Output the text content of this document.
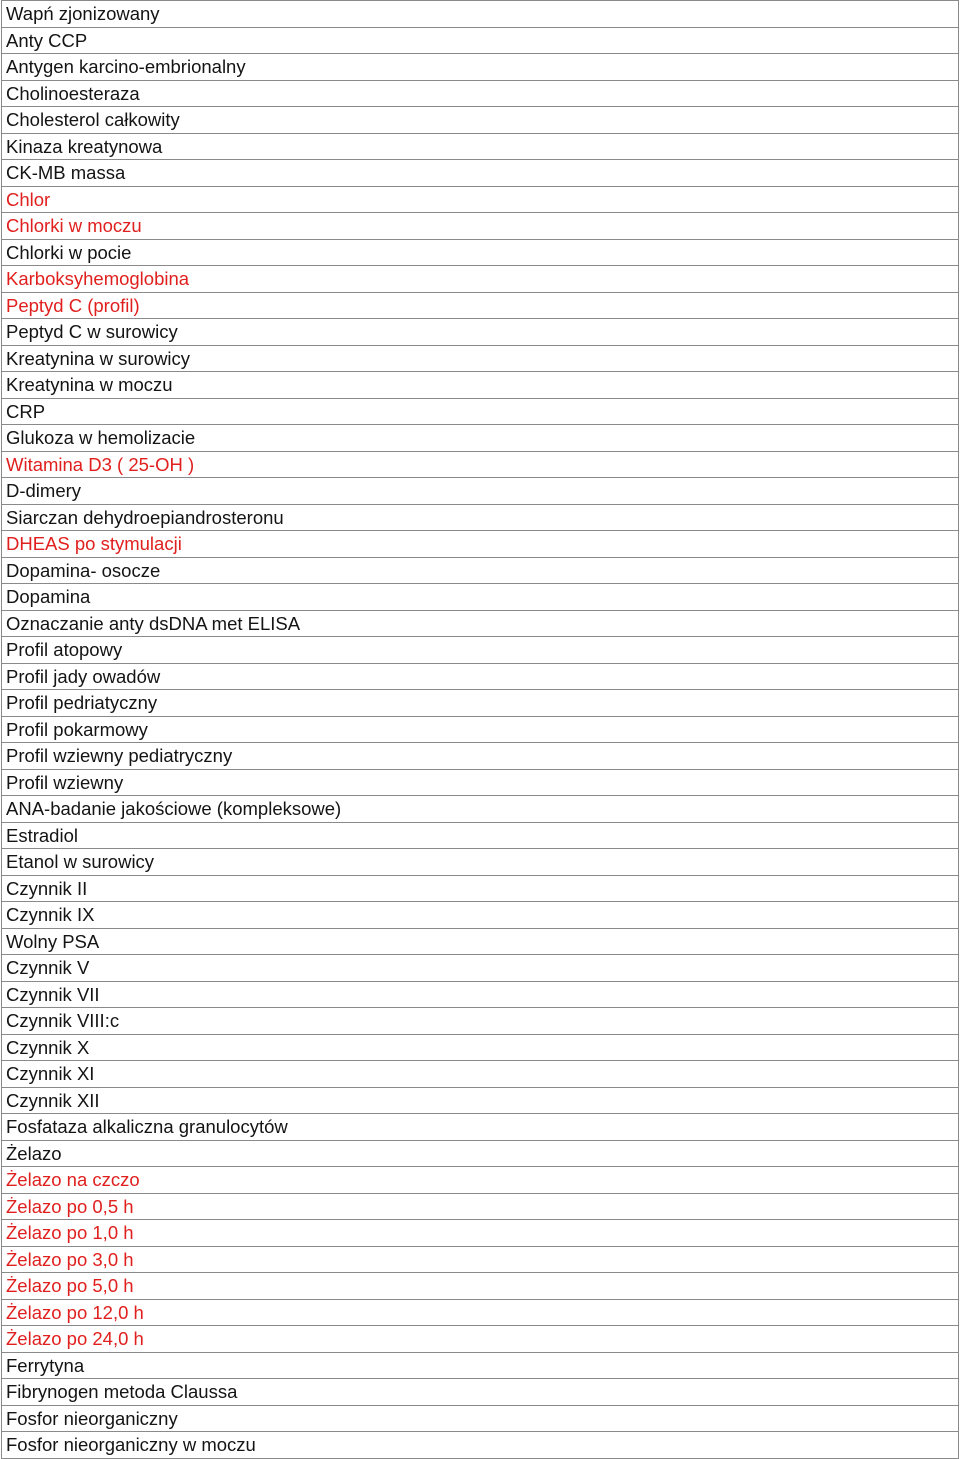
Wapń zjonizowany
Anty CCP
Antygen karcino-embrionalny
Cholinoesteraza
Cholesterol całkowity
Kinaza kreatynowa
CK-MB massa
Chlor
Chlorki w moczu
Chlorki w pocie
Karboksyhemoglobina
Peptyd C (profil)
Peptyd C w surowicy
Kreatynina w surowicy
Kreatynina w moczu
CRP
Glukoza w hemolizacie
Witamina D3 ( 25-OH )
D-dimery
Siarczan dehydroepiandrosteronu
DHEAS po stymulacji
Dopamina- osocze
Dopamina
Oznaczanie anty dsDNA met ELISA
Profil atopowy
Profil jady owadów
Profil pedriatyczny
Profil pokarmowy
Profil wziewny pediatryczny
Profil wziewny
ANA-badanie jakościowe (kompleksowe)
Estradiol
Etanol w surowicy
Czynnik II
Czynnik IX
Wolny PSA
Czynnik V
Czynnik VII
Czynnik VIII:c
Czynnik X
Czynnik XI
Czynnik XII
Fosfataza alkaliczna granulocytów
Żelazo
Żelazo na czczo
Żelazo po 0,5 h
Żelazo po 1,0 h
Żelazo po 3,0 h
Żelazo po 5,0 h
Żelazo po 12,0 h
Żelazo po 24,0 h
Ferrytyna
Fibrynogen metoda Claussa
Fosfor nieorganiczny
Fosfor nieorganiczny w moczu
